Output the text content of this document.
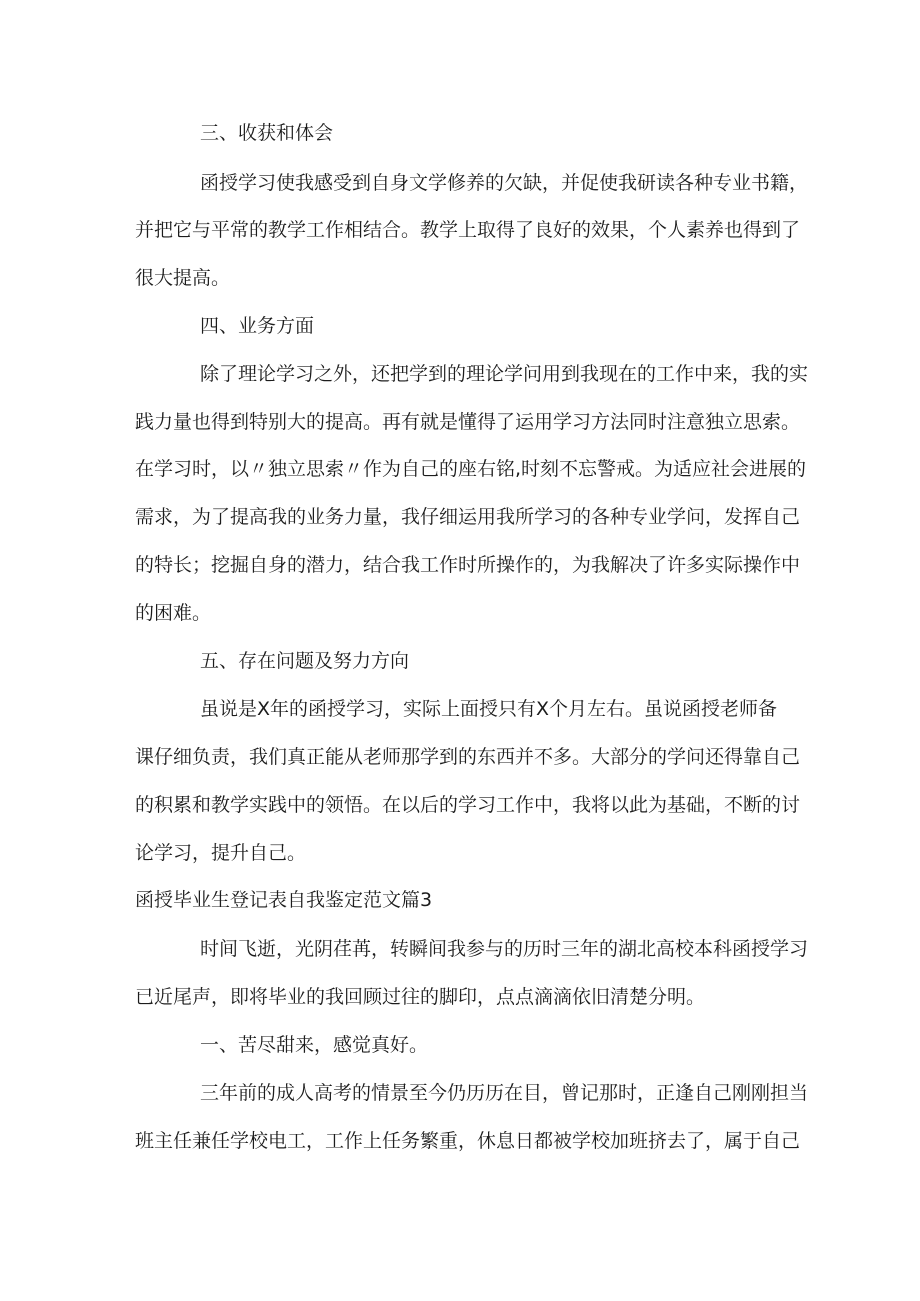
三、收获和体会
函授学习使我感受到自身文学修养的欠缺，并促使我研读各种专业书籍，
并把它与平常的教学工作相结合。教学上取得了良好的效果，个人素养也得到了
很大提高。
四、业务方面
除了理论学习之外，还把学到的理论学问用到我现在的工作中来，我的实
践力量也得到特别大的提高。再有就是懂得了运用学习方法同时注意独立思索。
在学习时，以〃独立思索〃作为自己的座右铭,时刻不忘警戒。为适应社会进展的
需求，为了提高我的业务力量，我仔细运用我所学习的各种专业学问，发挥自己
的特长；挖掘自身的潜力，结合我工作时所操作的，为我解决了许多实际操作中
的困难。
五、存在问题及努力方向
虽说是X年的函授学习，实际上面授只有X个月左右。虽说函授老师备
课仔细负责，我们真正能从老师那学到的东西并不多。大部分的学问还得靠自己
的积累和教学实践中的领悟。在以后的学习工作中，我将以此为基础，不断的讨
论学习，提升自己。
函授毕业生登记表自我鉴定范文篇3
时间飞逝，光阴荏苒，转瞬间我参与的历时三年的湖北高校本科函授学习
已近尾声，即将毕业的我回顾过往的脚印，点点滴滴依旧清楚分明。
一、苦尽甜来，感觉真好。
三年前的成人高考的情景至今仍历历在目，曾记那时，正逢自己刚刚担当
班主任兼任学校电工，工作上任务繁重，休息日都被学校加班挤去了，属于自己
